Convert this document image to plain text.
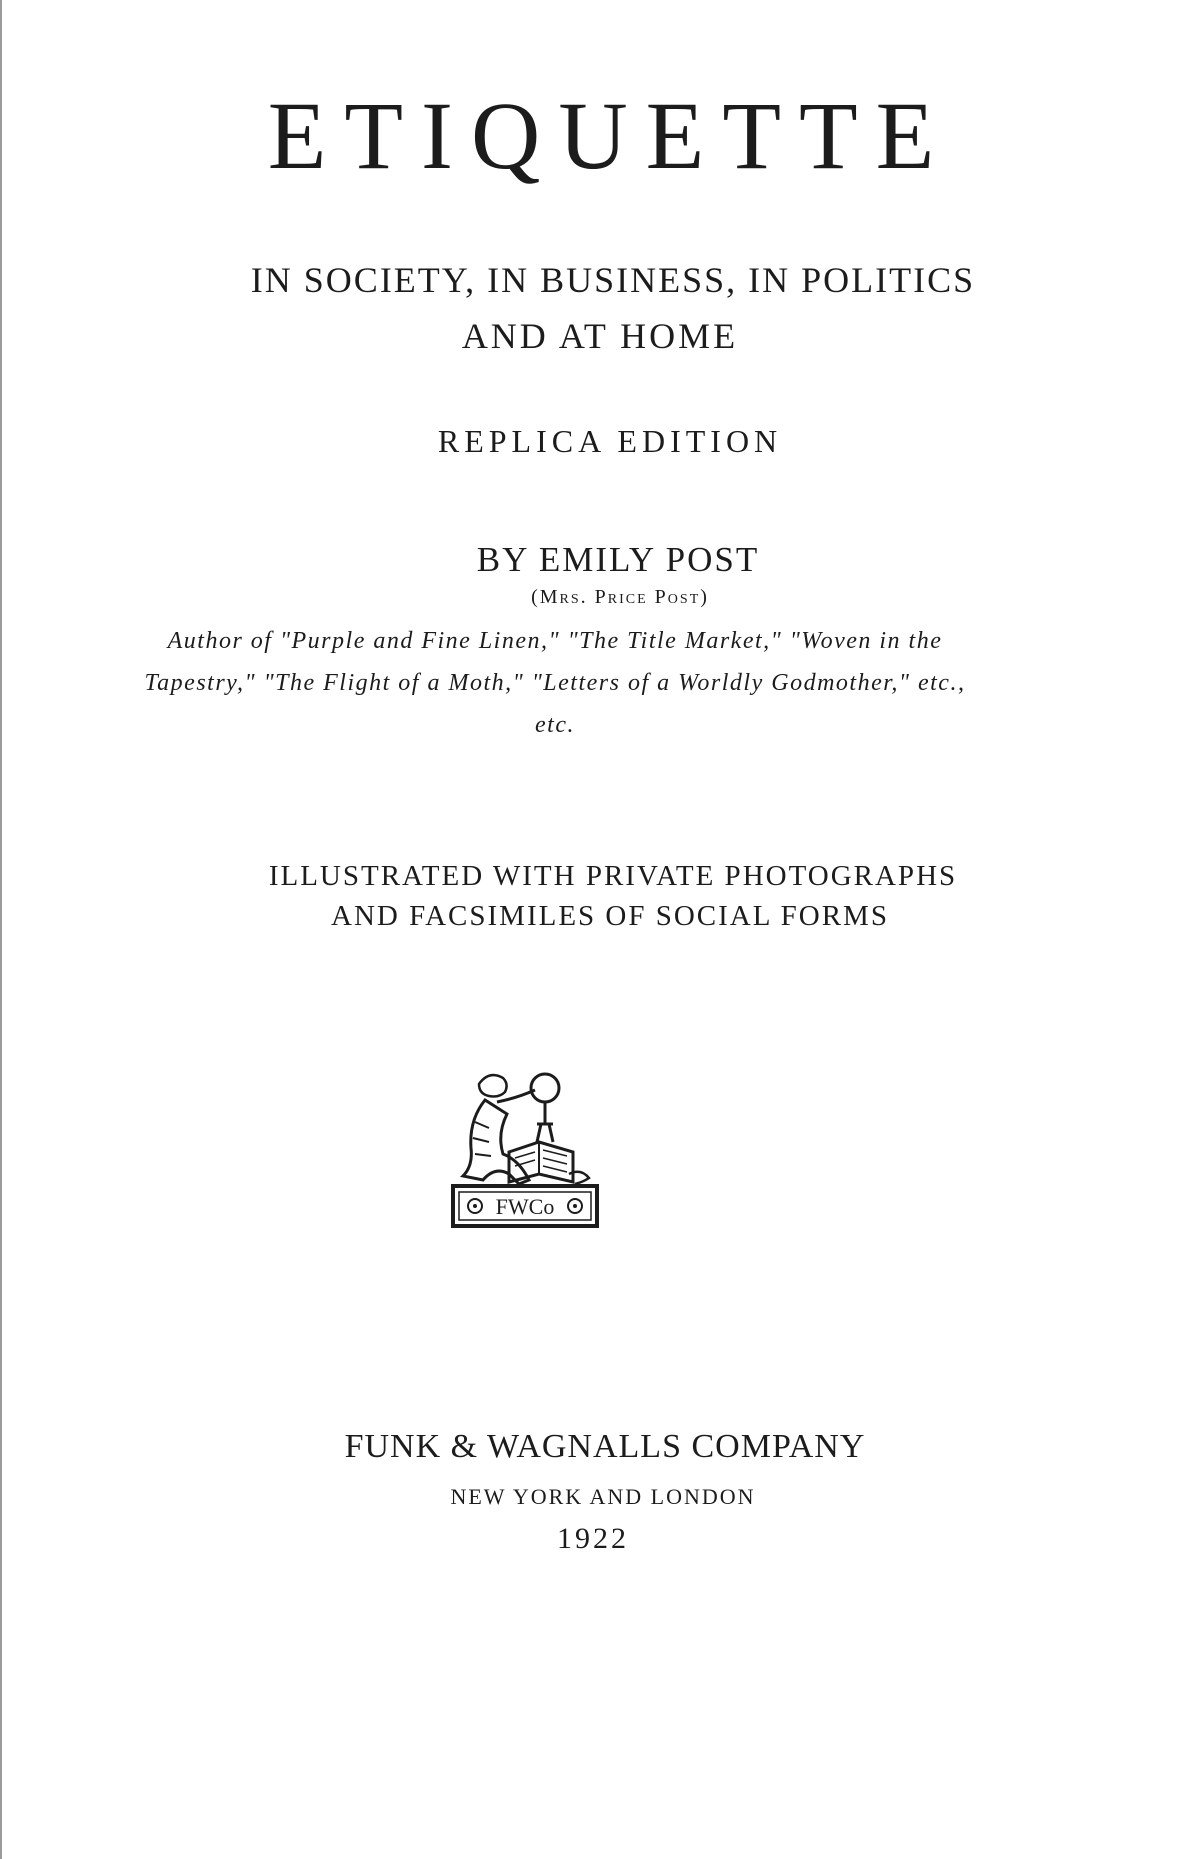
ETIQUETTE
IN SOCIETY, IN BUSINESS, IN POLITICS
AND AT HOME
REPLICA EDITION
BY EMILY POST
(Mrs. Price Post)
Author of "Purple and Fine Linen," "The Title Market," "Woven in the Tapestry," "The Flight of a Moth," "Letters of a Worldly Godmother," etc., etc.
ILLUSTRATED WITH PRIVATE PHOTOGRAPHS
AND FACSIMILES OF SOCIAL FORMS
FWCo
FUNK & WAGNALLS COMPANY
NEW YORK AND LONDON
1922
